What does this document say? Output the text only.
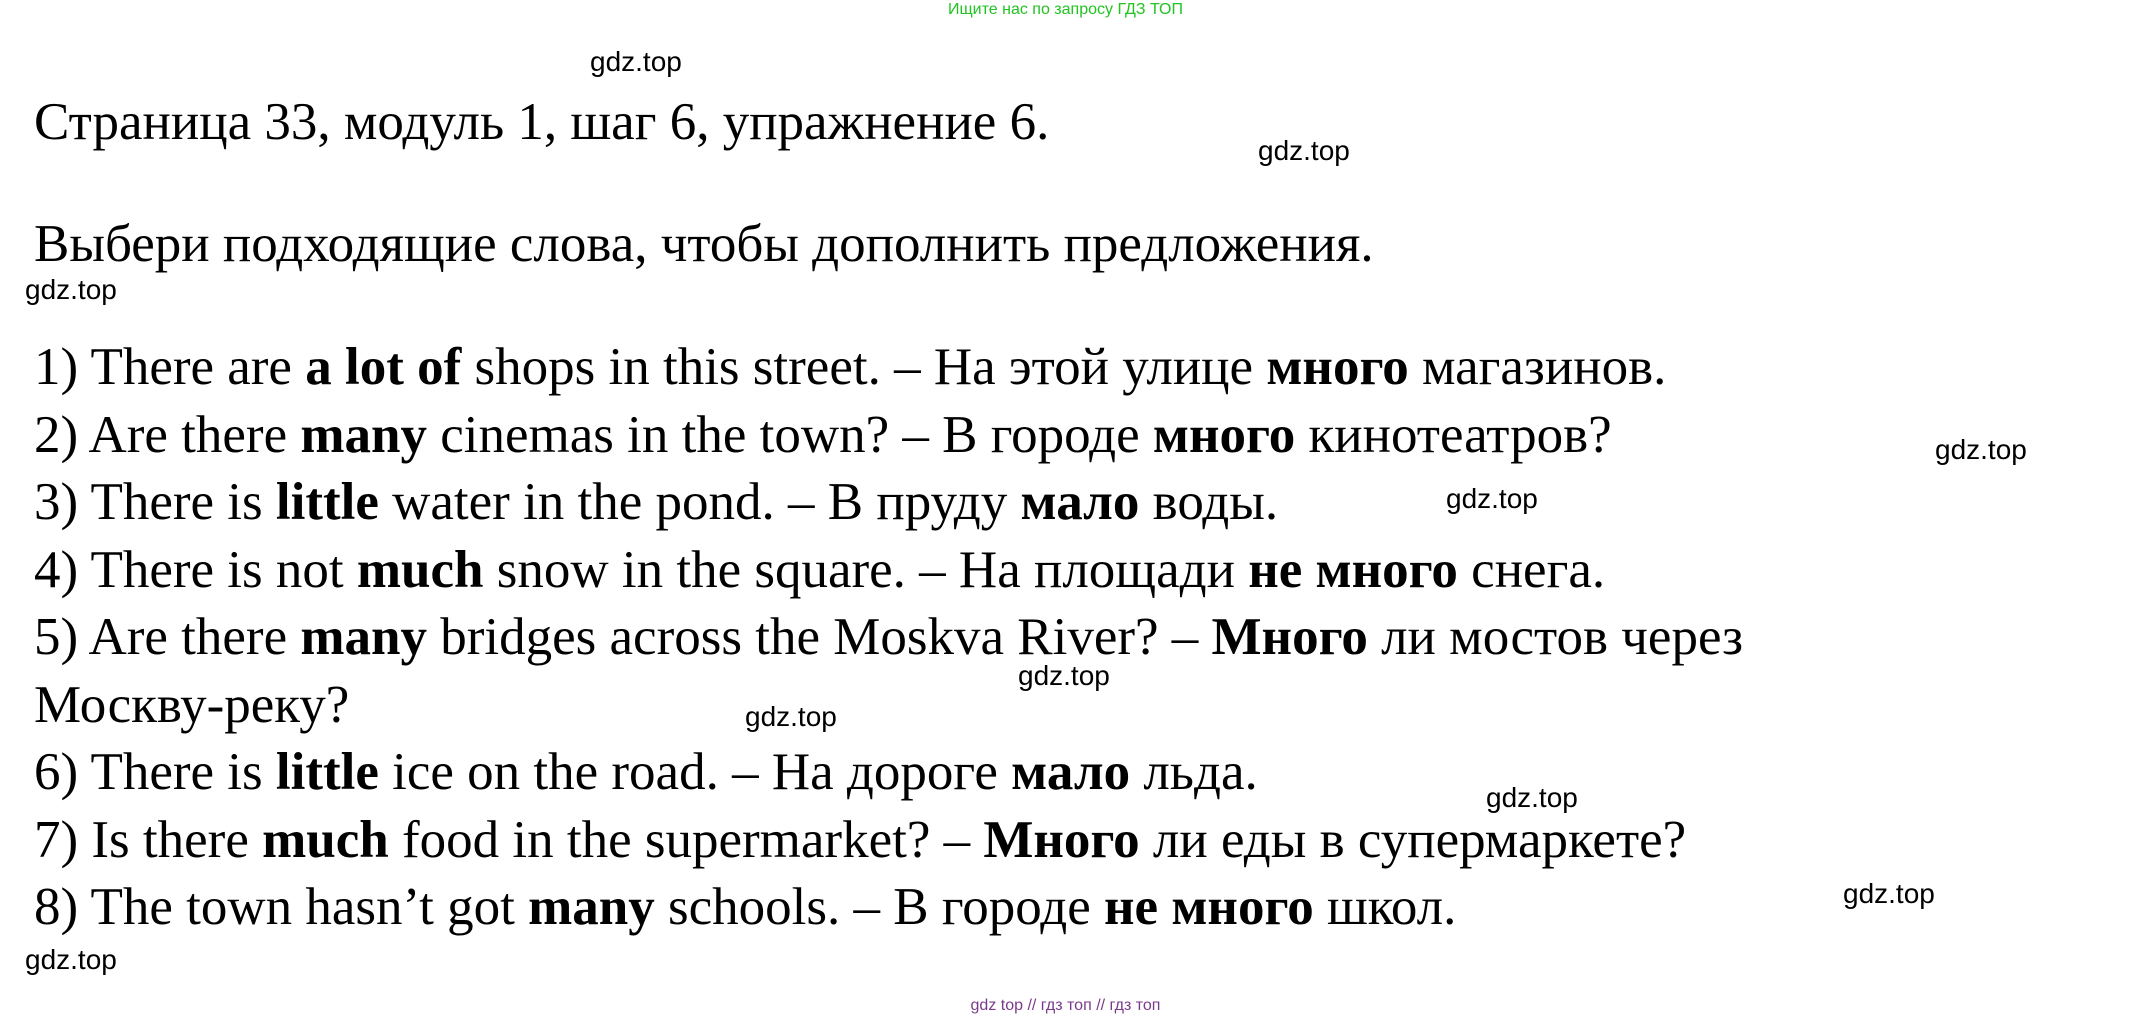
Ищите нас по запросу ГДЗ ТОП
Страница 33, модуль 1, шаг 6, упражнение 6.
Выбери подходящие слова, чтобы дополнить предложения.
1) There are a lot of shops in this street. – На этой улице много магазинов.
2) Are there many cinemas in the town? – В городе много кинотеатров?
3) There is little water in the pond. – В пруду мало воды.
4) There is not much snow in the square. – На площади не много снега.
5) Are there many bridges across the Moskva River? – Много ли мостов через
Москву-реку?
6) There is little ice on the road. – На дороге мало льда.
7) Is there much food in the supermarket? – Много ли еды в супермаркете?
8) The town hasn’t got many schools. – В городе не много школ.
gdz.top
gdz.top
gdz.top
gdz.top
gdz.top
gdz.top
gdz.top
gdz.top
gdz.top
gdz.top
gdz top // гдз топ // гдз топ
